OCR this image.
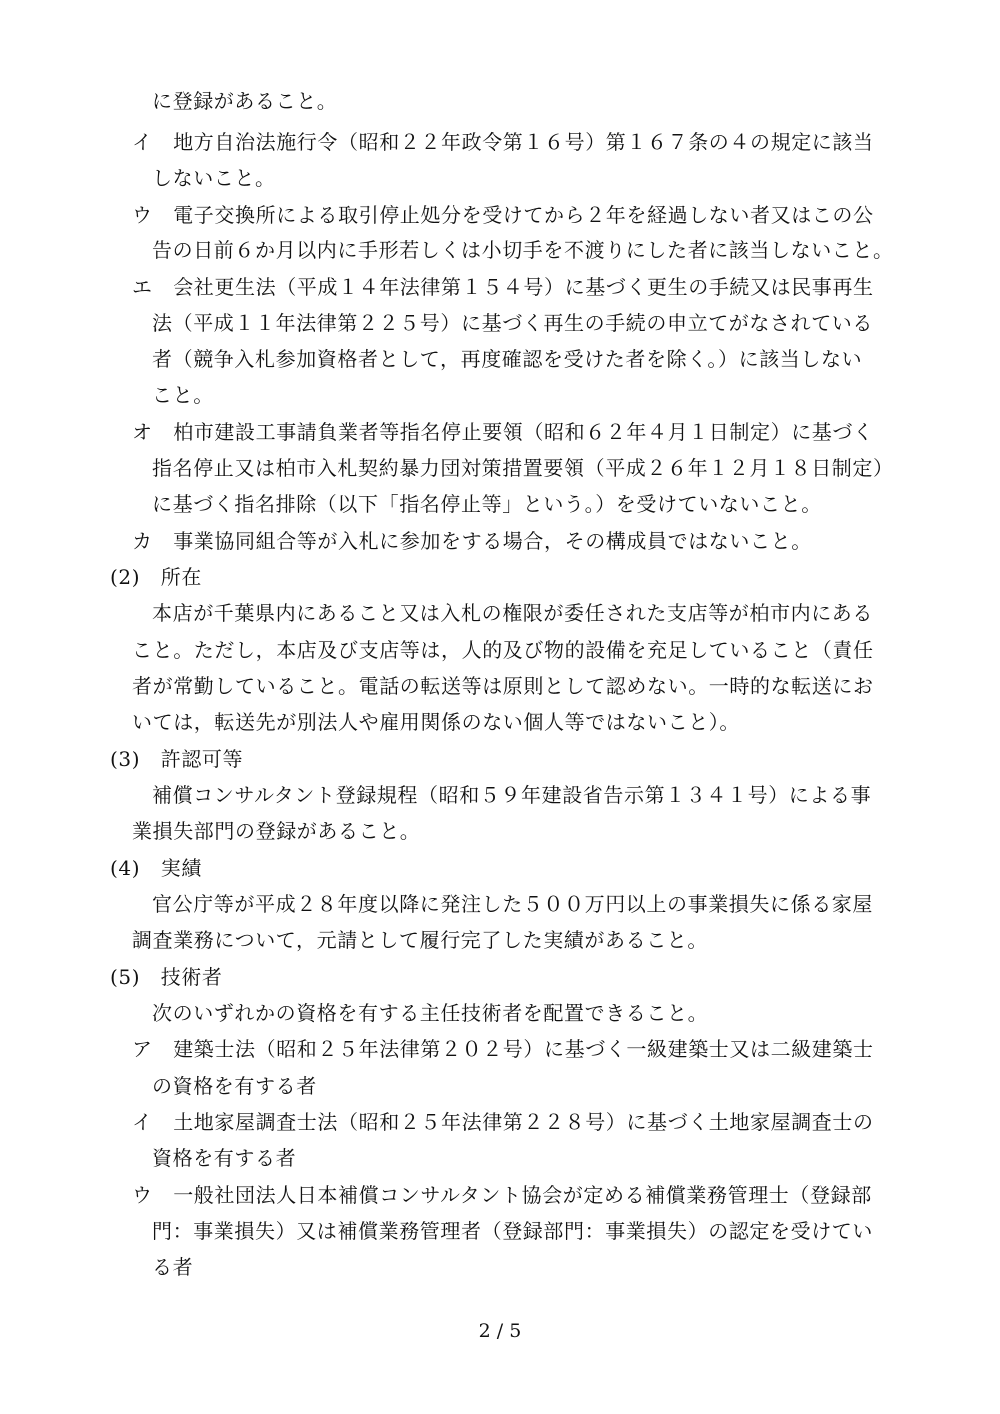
に登録があること。
イ　地方自治法施行令（昭和２２年政令第１６号）第１６７条の４の規定に該当
しないこと。
ウ　電子交換所による取引停止処分を受けてから２年を経過しない者又はこの公
告の日前６か月以内に手形若しくは小切手を不渡りにした者に該当しないこと。
エ　会社更生法（平成１４年法律第１５４号）に基づく更生の手続又は民事再生
法（平成１１年法律第２２５号）に基づく再生の手続の申立てがなされている
者（競争入札参加資格者として，再度確認を受けた者を除く。）に該当しない
こと。
オ　柏市建設工事請負業者等指名停止要領（昭和６２年４月１日制定）に基づく
指名停止又は柏市入札契約暴力団対策措置要領（平成２６年１２月１８日制定）
に基づく指名排除（以下「指名停止等」という。）を受けていないこと。
カ　事業協同組合等が入札に参加をする場合，その構成員ではないこと。
(2)　所在
本店が千葉県内にあること又は入札の権限が委任された支店等が柏市内にある
こと。ただし，本店及び支店等は，人的及び物的設備を充足していること（責任
者が常勤していること。電話の転送等は原則として認めない。一時的な転送にお
いては，転送先が別法人や雇用関係のない個人等ではないこと）。
(3)　許認可等
補償コンサルタント登録規程（昭和５９年建設省告示第１３４１号）による事
業損失部門の登録があること。
(4)　実績
官公庁等が平成２８年度以降に発注した５００万円以上の事業損失に係る家屋
調査業務について，元請として履行完了した実績があること。
(5)　技術者
次のいずれかの資格を有する主任技術者を配置できること。
ア　建築士法（昭和２５年法律第２０２号）に基づく一級建築士又は二級建築士
の資格を有する者
イ　土地家屋調査士法（昭和２５年法律第２２８号）に基づく土地家屋調査士の
資格を有する者
ウ　一般社団法人日本補償コンサルタント協会が定める補償業務管理士（登録部
門：事業損失）又は補償業務管理者（登録部門：事業損失）の認定を受けてい
る者
2 / 5
